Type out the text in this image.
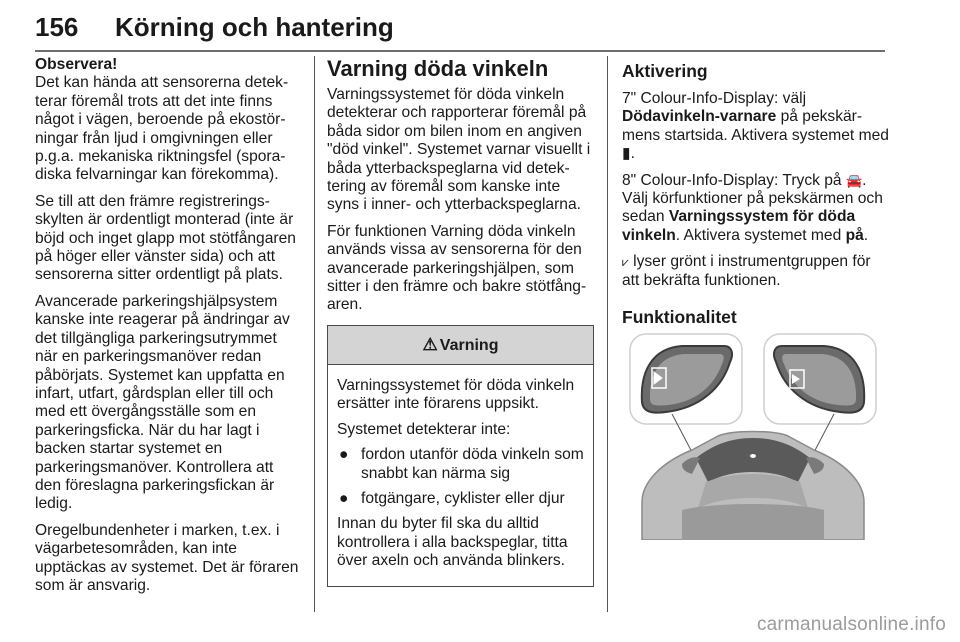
156 Körning och hantering
Observera!

Det kan hända att sensorerna detekterar föremål trots att det inte finns något i vägen, beroende på ekostörningar från ljud i omgivningen eller p.g.a. mekaniska riktningsfel (sporadiska felvarningar kan förekomma).

Se till att den främre registreringsskylten är ordentligt monterad (inte är böjd och inget glapp mot stötfångaren på höger eller vänster sida) och att sensorerna sitter ordentligt på plats.

Avancerade parkeringshjälpsystem kanske inte reagerar på ändringar av det tillgängliga parkeringsutrymmet när en parkeringsmanöver redan påbörjats. Systemet kan uppfatta en infart, utfart, gårdsplan eller till och med ett övergångsställe som en parkeringsficka. När du har lagt i backen startar systemet en parkeringsmanöver. Kontrollera att den föreslagna parkeringsfickan är ledig.

Oregelbundenheter i marken, t.ex. i vägarbetesområden, kan inte upptäckas av systemet. Det är föraren som är ansvarig.

Varning döda vinkeln

Varningssystemet för döda vinkeln detekterar och rapporterar föremål på båda sidor om bilen inom en angiven "död vinkel". Systemet varnar visuellt i båda ytterbackspeglarna vid detektering av föremål som kanske inte syns i inner- och ytterbackspeglarna.

För funktionen Varning döda vinkeln används vissa av sensorerna för den avancerade parkeringshjälpen, som sitter i den främre och bakre stötfångaren.

⚠ Varning

Varningssystemet för döda vinkeln ersätter inte förarens uppsikt.

Systemet detekterar inte:

● fordon utanför döda vinkeln som snabbt kan närma sig
● fotgängare, cyklister eller djur

Innan du byter fil ska du alltid kontrollera i alla backspeglar, titta över axeln och använda blinkers.

Aktivering

7" Colour-Info-Display: välj Dödavinkeln-varnare på pekskärmens startsida. Aktivera systemet med ▮.

8" Colour-Info-Display: Tryck på 🚘. Välj körfunktioner på pekskärmen och sedan Varningssystem för döda vinkeln. Aktivera systemet med på.

⩗ lyser grönt i instrumentgruppen för att bekräfta funktionen.

Funktionalitet
carmanualsonline.info
